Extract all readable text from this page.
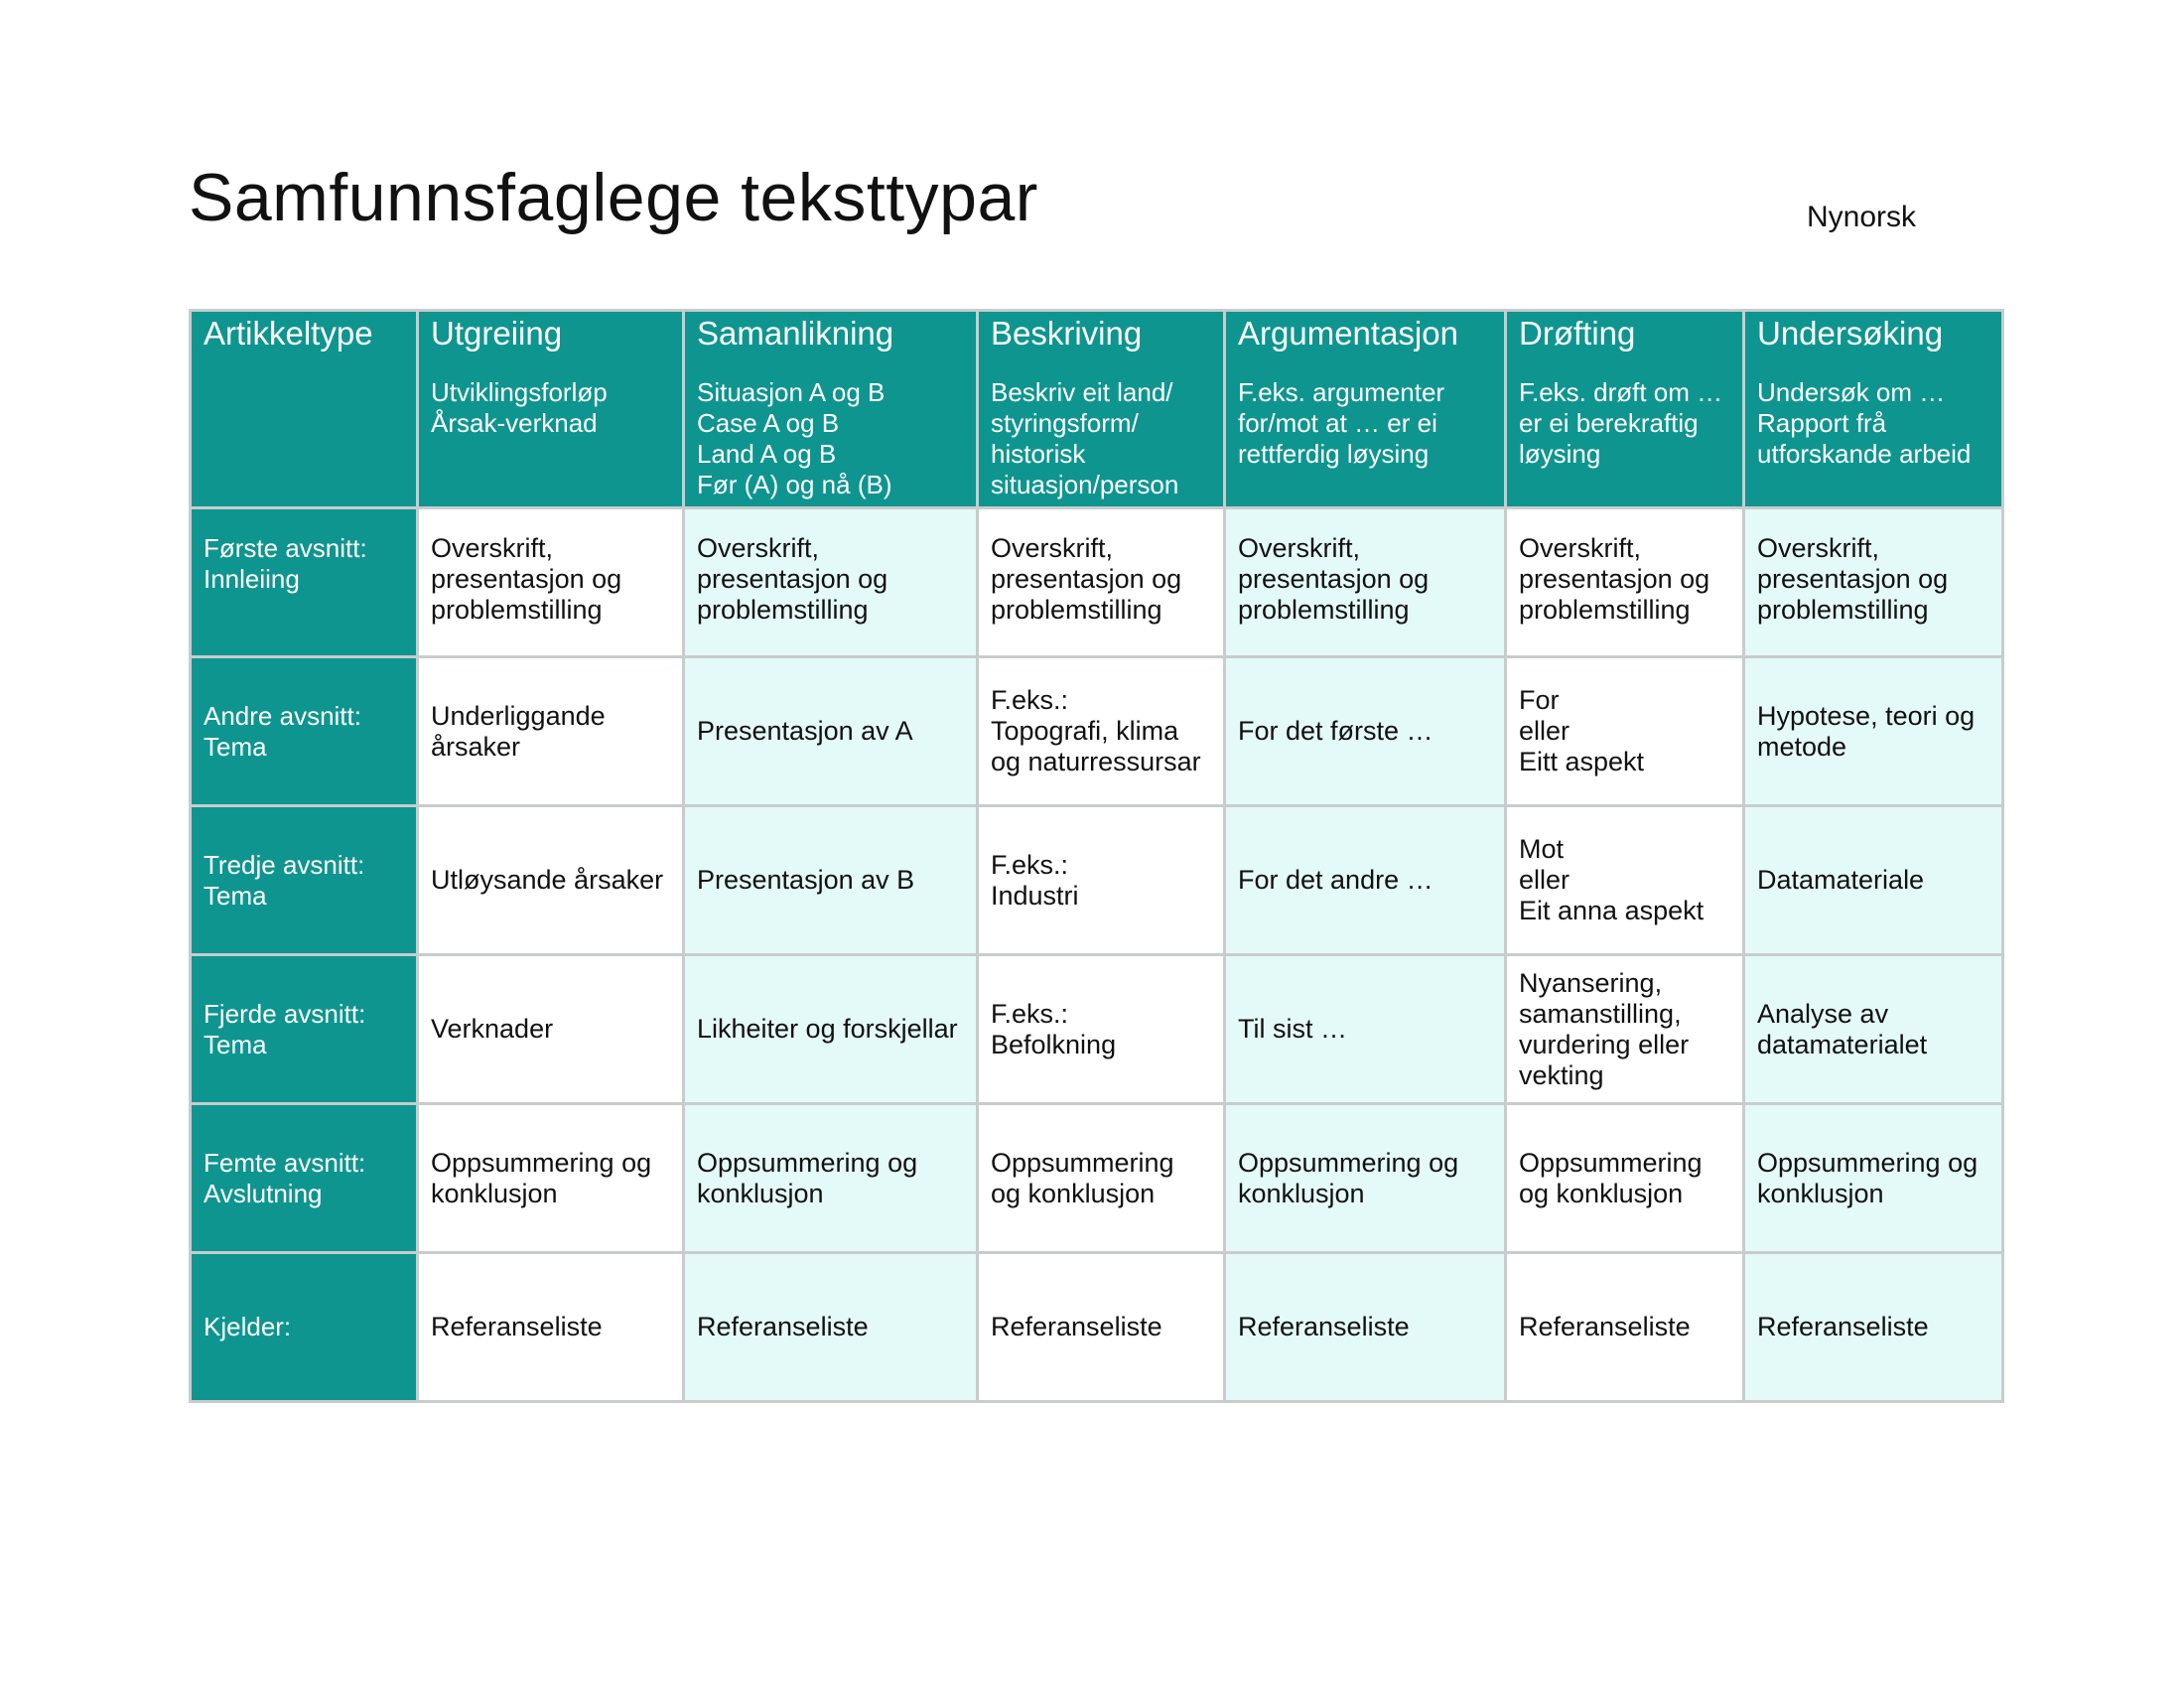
Samfunnsfaglege teksttypar	Nynorsk
Artikkeltype	Utgreiing
Utviklingsforløp
Årsak-verknad	Samanlikning
Situasjon A og B
Case A og B
Land A og B
Før (A) og nå (B)	Beskriving
Beskriv eit land/
styringsform/
historisk
situasjon/person	Argumentasjon
F.eks. argumenter
for/mot at … er ei
rettferdig løysing	Drøfting
F.eks. drøft om …
er ei berekraftig
løysing	Undersøking
Undersøk om …
Rapport frå
utforskande arbeid

Første avsnitt:
Innleiing	Overskrift,
presentasjon og
problemstilling	Overskrift,
presentasjon og
problemstilling	Overskrift,
presentasjon og
problemstilling	Overskrift,
presentasjon og
problemstilling	Overskrift,
presentasjon og
problemstilling	Overskrift,
presentasjon og
problemstilling

Andre avsnitt:
Tema	Underliggande
årsaker	Presentasjon av A	F.eks.:
Topografi, klima
og naturressursar	For det første …	For
eller
Eitt aspekt	Hypotese, teori og
metode

Tredje avsnitt:
Tema	Utløysande årsaker	Presentasjon av B	F.eks.:
Industri	For det andre …	Mot
eller
Eit anna aspekt	Datamateriale

Fjerde avsnitt:
Tema	Verknader	Likheiter og forskjellar	F.eks.:
Befolkning	Til sist …	Nyansering,
samanstilling,
vurdering eller
vekting	Analyse av
datamaterialet

Femte avsnitt:
Avslutning	Oppsummering og
konklusjon	Oppsummering og
konklusjon	Oppsummering
og konklusjon	Oppsummering og
konklusjon	Oppsummering
og konklusjon	Oppsummering og
konklusjon

Kjelder:	Referanseliste	Referanseliste	Referanseliste	Referanseliste	Referanseliste	Referanseliste
